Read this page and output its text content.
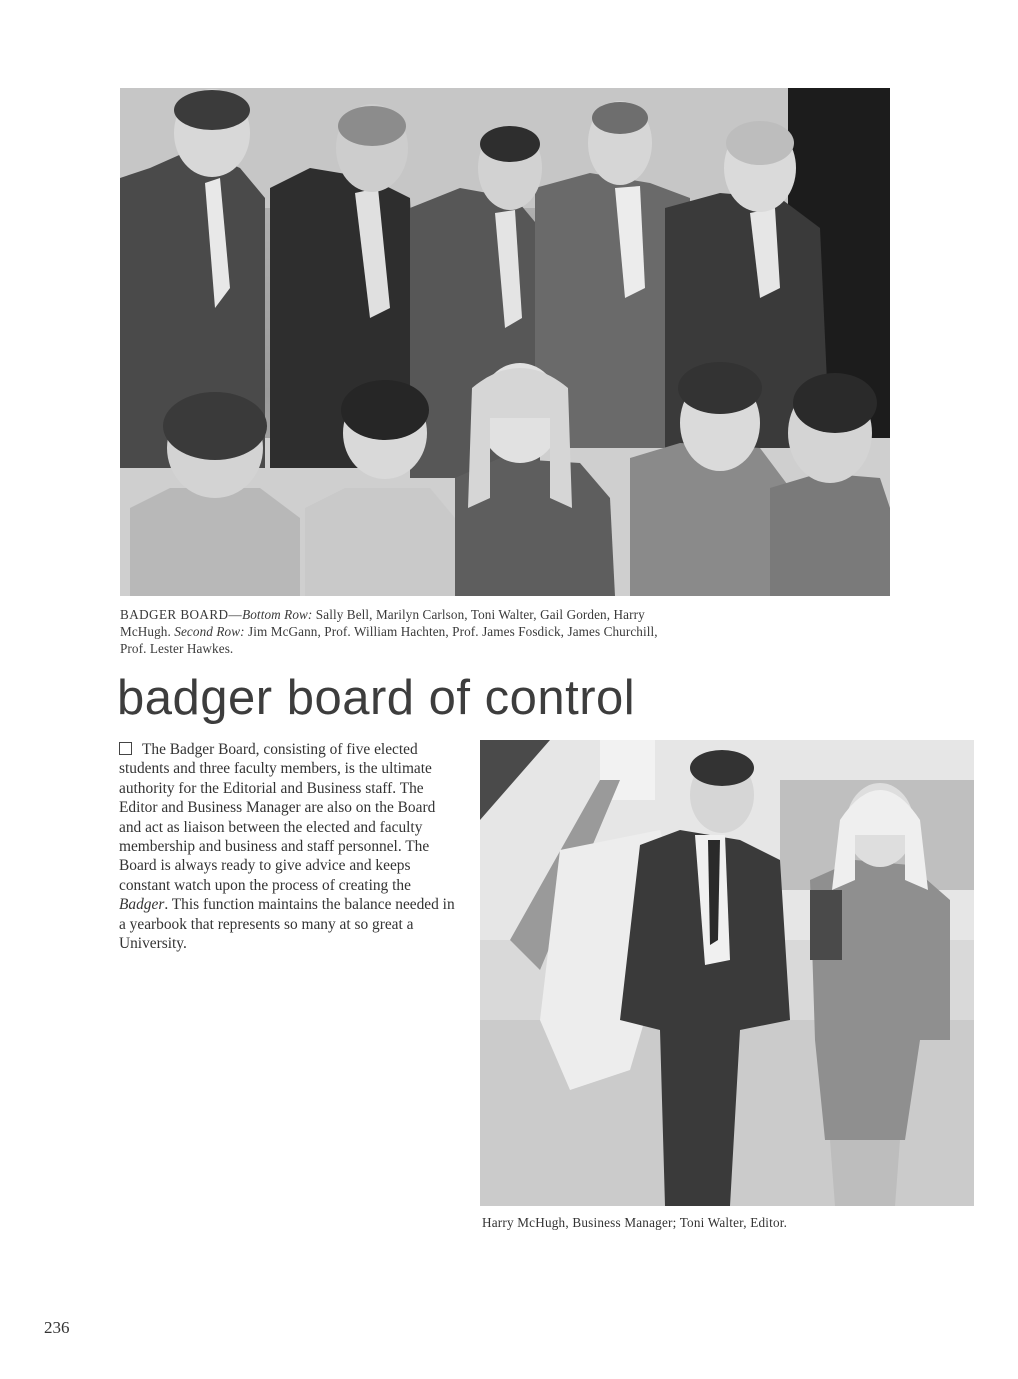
BADGER BOARD—Bottom Row: Sally Bell, Marilyn Carlson, Toni Walter, Gail Gorden, Harry McHugh. Second Row: Jim McGann, Prof. William Hachten, Prof. James Fosdick, James Churchill, Prof. Lester Hawkes.
badger board of control

The Badger Board, consisting of five elected students and three faculty members, is the ultimate authority for the Editorial and Business staff. The Editor and Business Manager are also on the Board and act as liaison between the elected and faculty membership and business and staff personnel. The Board is always ready to give advice and keeps constant watch upon the process of creating the Badger. This function maintains the balance needed in a yearbook that represents so many at so great a University.

Harry McHugh, Business Manager; Toni Walter, Editor.
236
